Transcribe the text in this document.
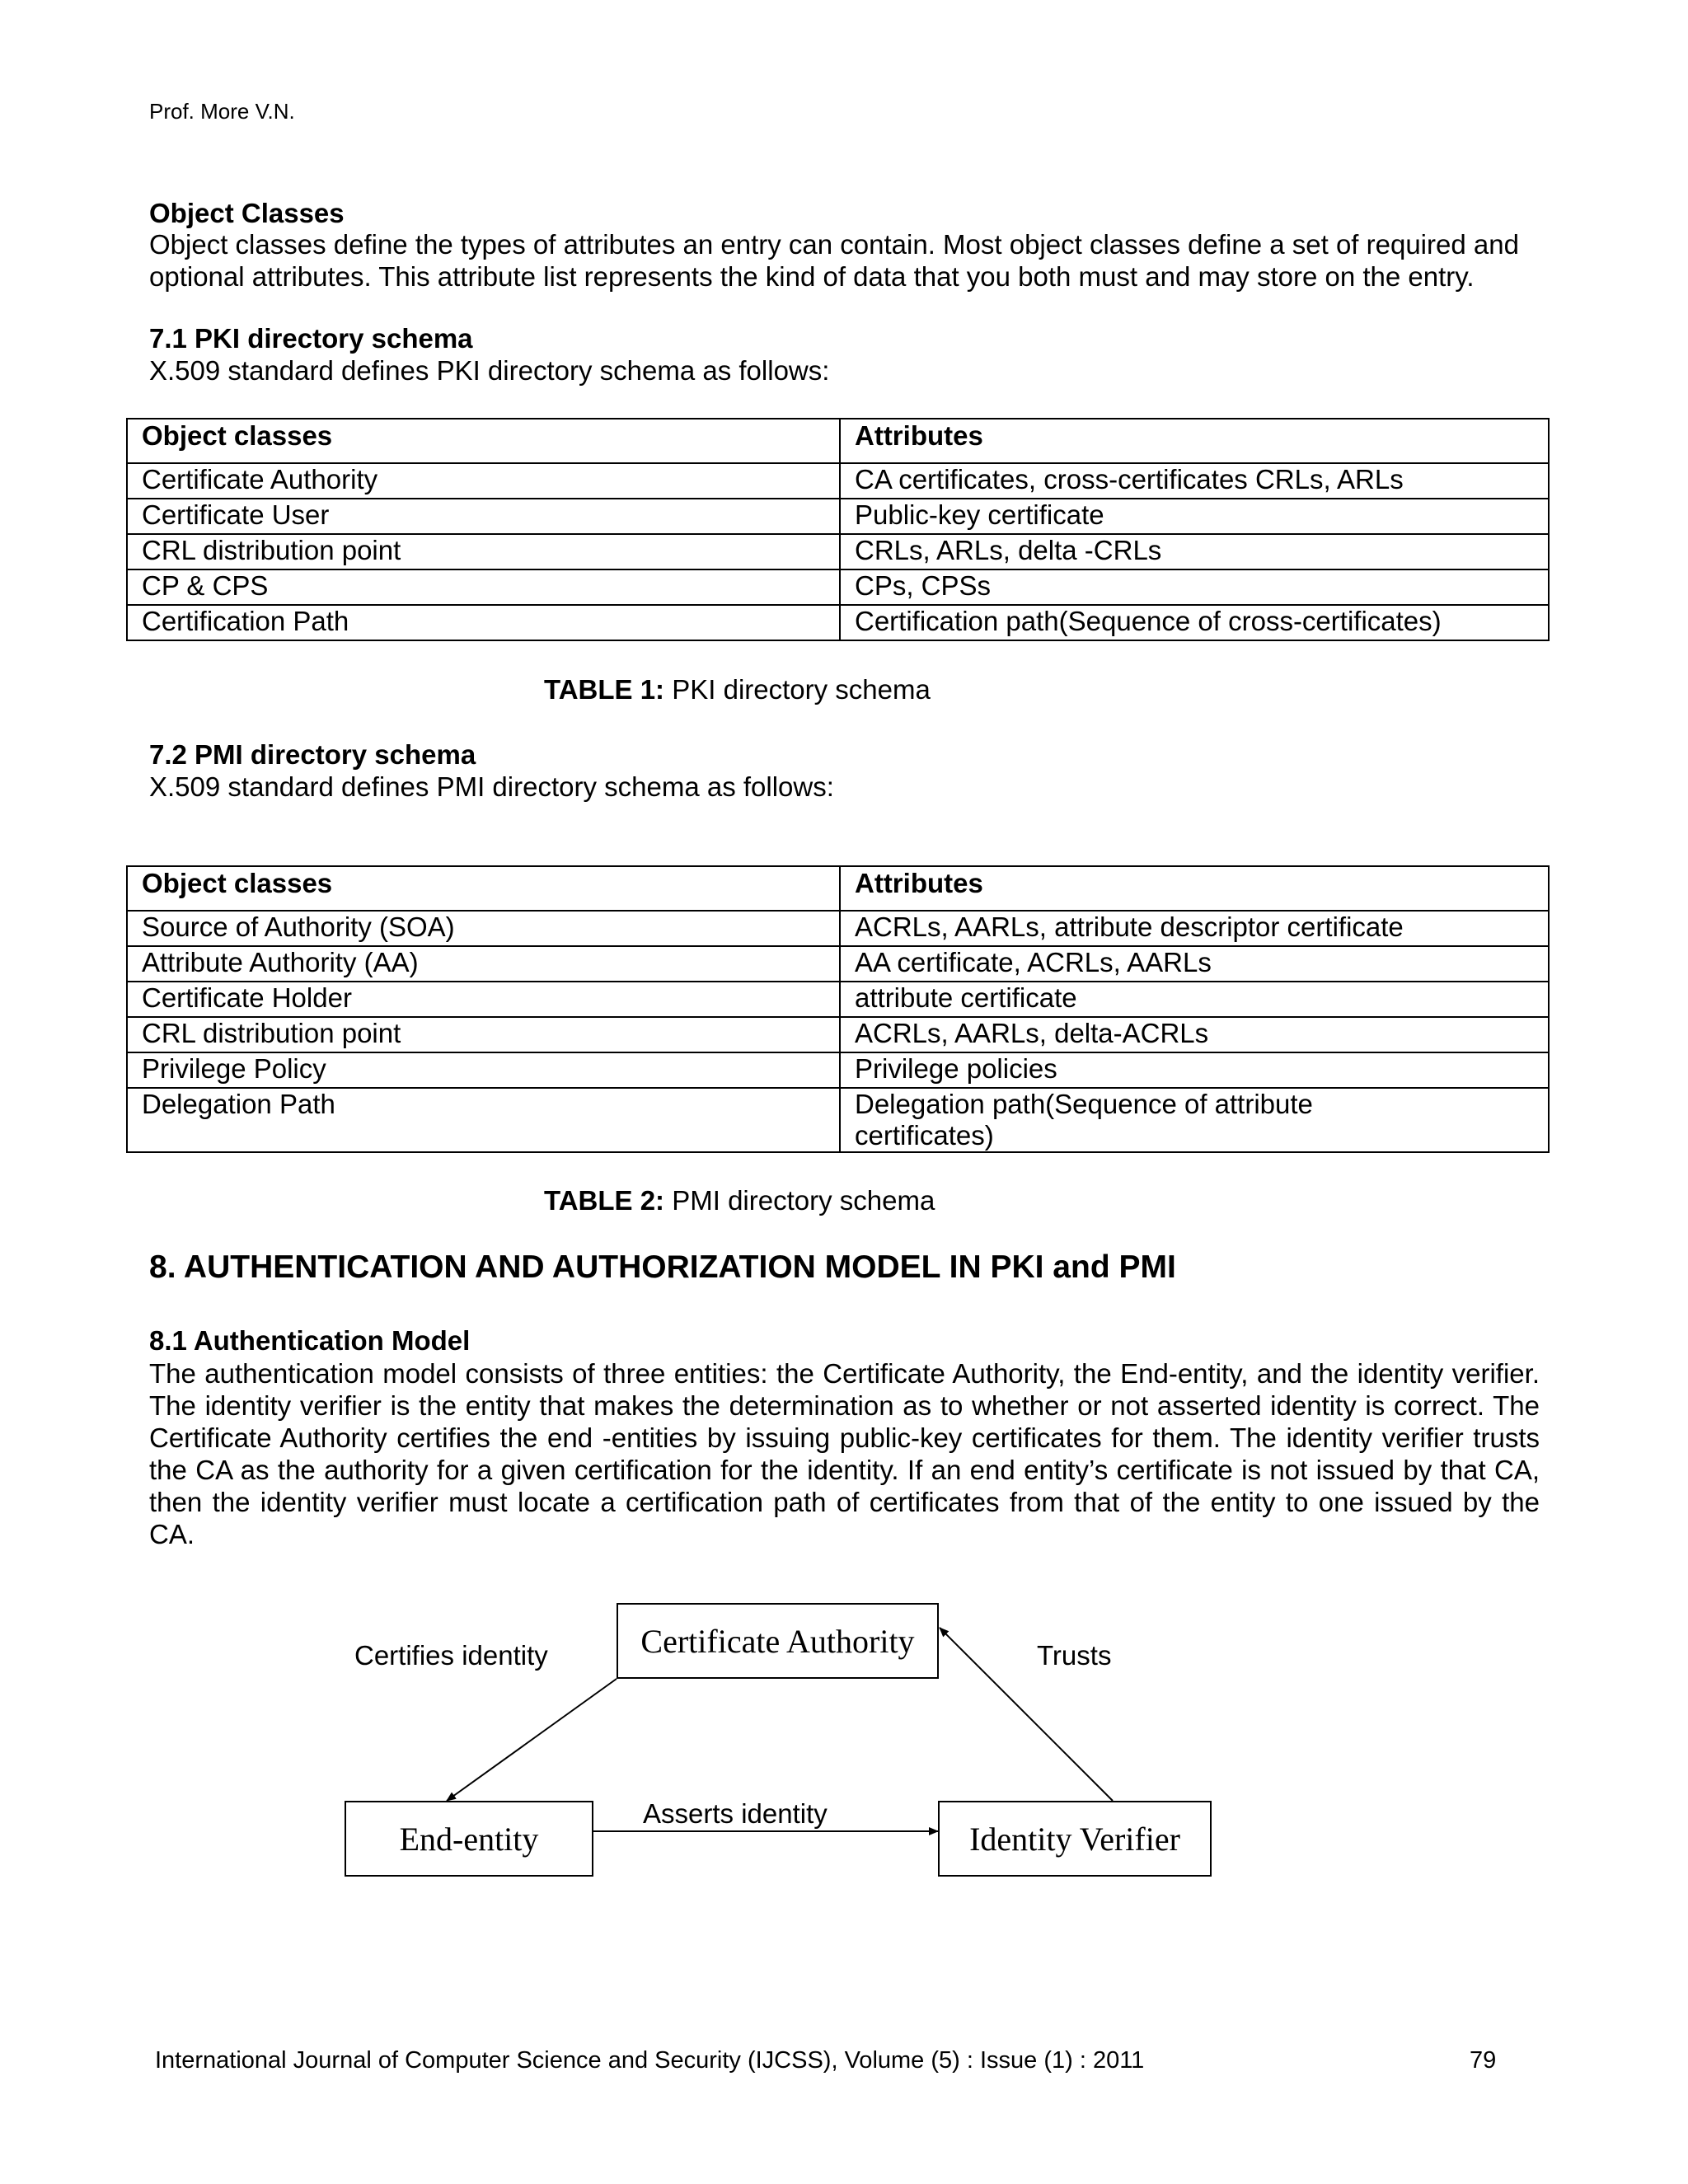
Prof. More V.N.
Object Classes
Object classes define the types of attributes an entry can contain. Most object classes define a set of required and optional attributes. This attribute list represents the kind of data that you both must and may store on the entry.
7.1 PKI directory schema
X.509 standard defines PKI directory schema as follows:
Object classes	Attributes
Certificate Authority	CA certificates, cross-certificates CRLs, ARLs
Certificate User	Public-key certificate
CRL distribution point	CRLs, ARLs, delta -CRLs
CP & CPS	CPs, CPSs
Certification Path	Certification path(Sequence of cross-certificates)
TABLE 1: PKI directory schema
7.2 PMI directory schema
X.509 standard defines PMI directory schema as follows:
Object classes	Attributes
Source of Authority (SOA)	ACRLs, AARLs, attribute descriptor certificate
Attribute Authority (AA)	AA certificate, ACRLs, AARLs
Certificate Holder	attribute certificate
CRL distribution point	ACRLs, AARLs, delta-ACRLs
Privilege Policy	Privilege policies
Delegation Path	Delegation path(Sequence of attribute certificates)
TABLE 2: PMI directory schema
8. AUTHENTICATION AND AUTHORIZATION MODEL IN PKI and PMI
8.1 Authentication Model
The authentication model consists of three entities: the Certificate Authority, the End-entity, and the identity verifier. The identity verifier is the entity that makes the determination as to whether or not asserted identity is correct. The Certificate Authority certifies the end -entities by issuing public-key certificates for them. The identity verifier trusts the CA as the authority for a given certification for the identity. If an end entity’s certificate is not issued by that CA, then the identity verifier must locate a certification path of certificates from that of the entity to one issued by the CA.
Certificate Authority
End-entity	Identity Verifier
Certifies identity	Trusts
Asserts identity
International Journal of Computer Science and Security (IJCSS), Volume (5) : Issue (1) : 2011	79
